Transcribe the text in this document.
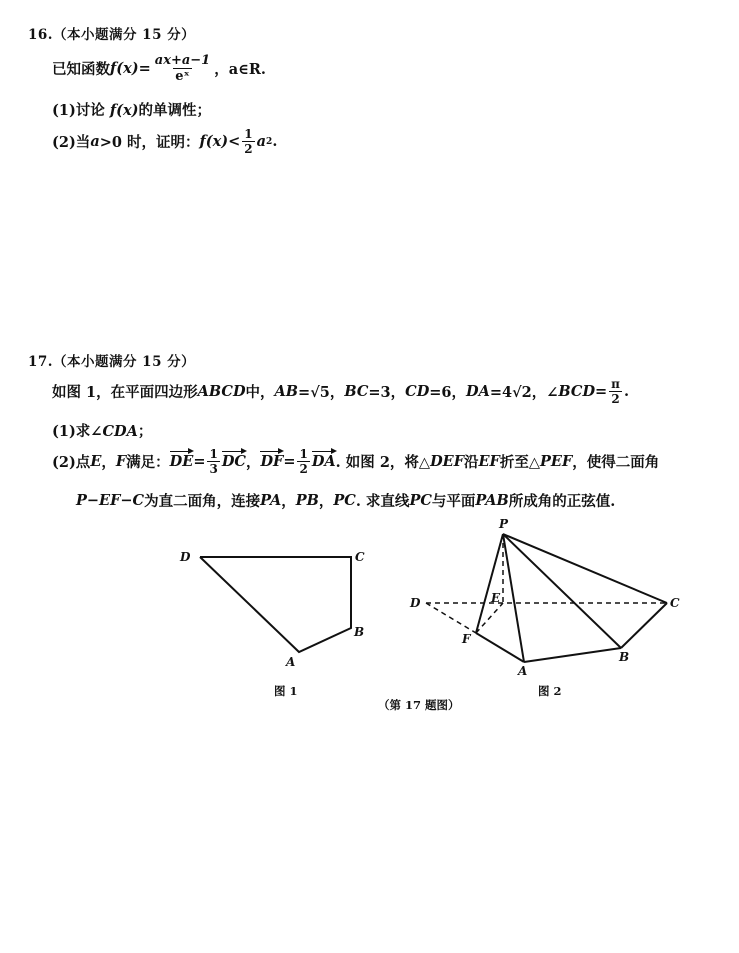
16.（本小题满分 15 分）
已知函数 $f(x) = \frac{ax+a-1}{\text{eˣ}}$ ，a∈R.
(1)讨论 f(x)的单调性；
(2)当 a >0 时，证明： $f(x) < \frac{1}{2}$ a 2 .
17.（本小题满分 15 分）
如图 1，在平面四边形 ABCD 中， AB =√5， BC =3， CD =6， DA =4√2，∠ BCD = $\frac{\pi}{2}$ .
(1)求∠CDA；
(2)点 E ， F 满足： DE = $\frac{1}{3}$ DC ， DF = $\frac{1}{2}$ DA . 如图 2，将△ DEF 沿 EF 折至△ PEF ，使得二面角
P−EF−C 为直二面角，连接 PA ， PB ， PC . 求直线 PC 与平面 PAB 所成角的正弦值.
D	C
B
A
图 1
P
E
D	C
F
A
B
图 2
（第 17 题图）
